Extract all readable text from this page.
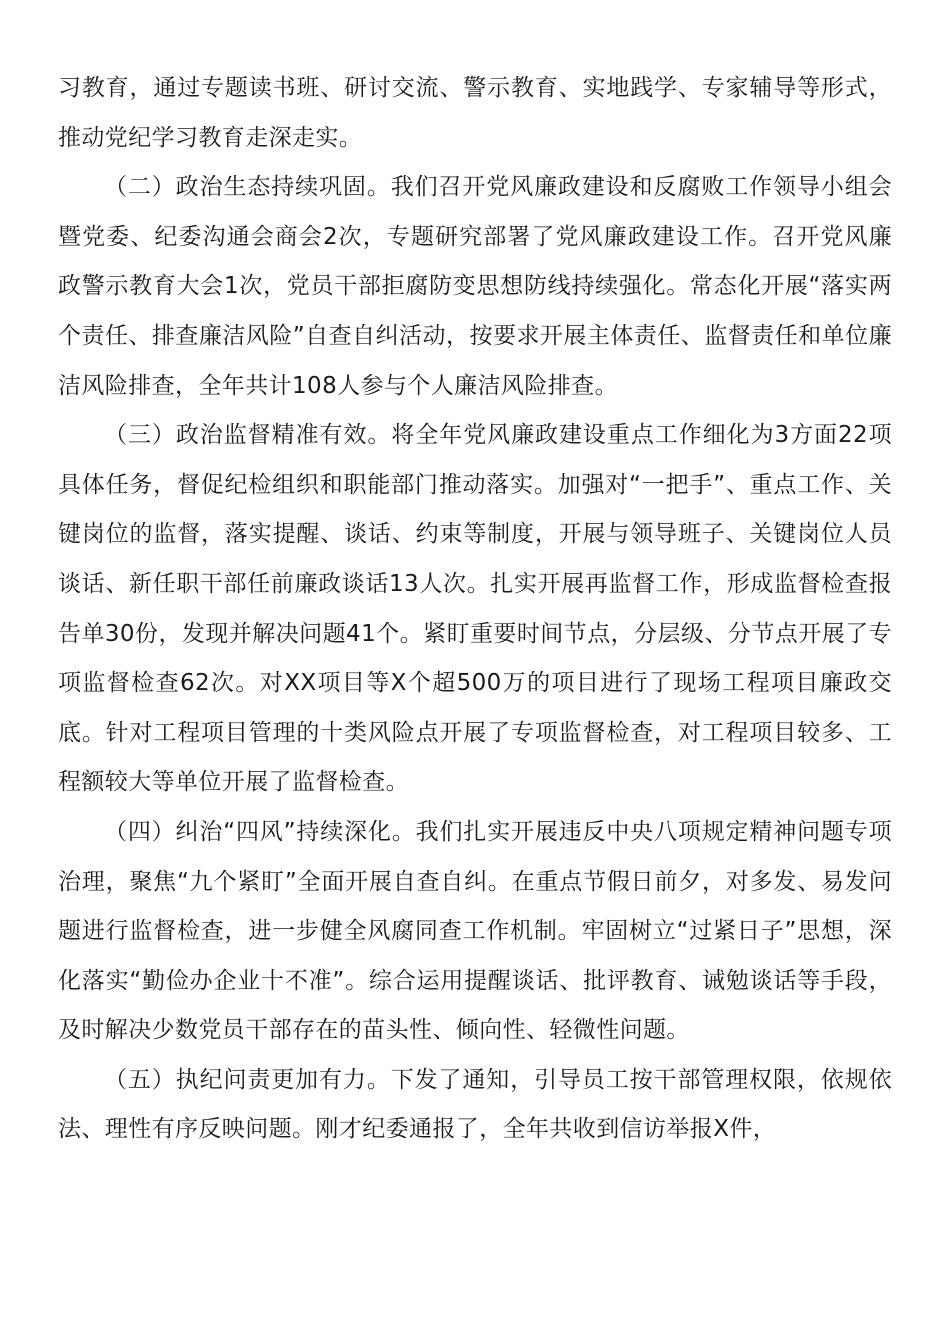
习教育，通过专题读书班、研讨交流、警示教育、实地践学、专家辅导等形式，推动党纪学习教育走深走实。

（二）政治生态持续巩固。我们召开党风廉政建设和反腐败工作领导小组会暨党委、纪委沟通会商会2次，专题研究部署了党风廉政建设工作。召开党风廉政警示教育大会1次，党员干部拒腐防变思想防线持续强化。常态化开展“落实两个责任、排查廉洁风险”自查自纠活动，按要求开展主体责任、监督责任和单位廉洁风险排查，全年共计108人参与个人廉洁风险排查。

（三）政治监督精准有效。将全年党风廉政建设重点工作细化为3方面22项具体任务，督促纪检组织和职能部门推动落实。加强对“一把手”、重点工作、关键岗位的监督，落实提醒、谈话、约束等制度，开展与领导班子、关键岗位人员谈话、新任职干部任前廉政谈话13人次。扎实开展再监督工作，形成监督检查报告单30份，发现并解决问题41个。紧盯重要时间节点，分层级、分节点开展了专项监督检查62次。对XX项目等X个超500万的项目进行了现场工程项目廉政交底。针对工程项目管理的十类风险点开展了专项监督检查，对工程项目较多、工程额较大等单位开展了监督检查。

（四）纠治“四风”持续深化。我们扎实开展违反中央八项规定精神问题专项治理，聚焦“九个紧盯”全面开展自查自纠。在重点节假日前夕，对多发、易发问题进行监督检查，进一步健全风腐同查工作机制。牢固树立“过紧日子”思想，深化落实“勤俭办企业十不准”。综合运用提醒谈话、批评教育、诫勉谈话等手段，及时解决少数党员干部存在的苗头性、倾向性、轻微性问题。

（五）执纪问责更加有力。下发了通知，引导员工按干部管理权限，依规依法、理性有序反映问题。刚才纪委通报了，全年共收到信访举报X件，
